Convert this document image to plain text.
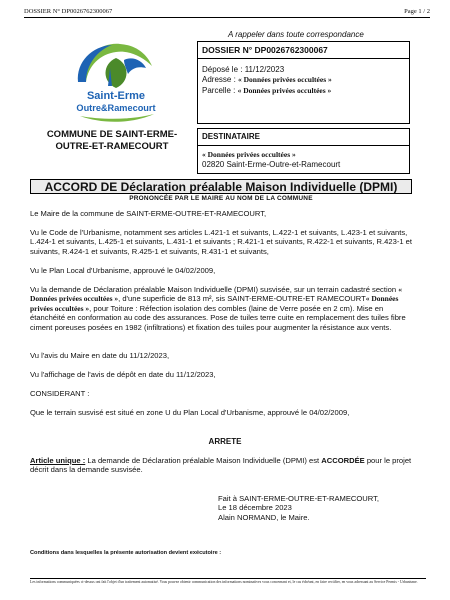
DOSSIER N° DP0026762300067	Page 1 / 2
A rappeler dans toute correspondance
Saint-Erme
Outre&Ramecourt
COMMUNE DE SAINT-ERME-
OUTRE-ET-RAMECOURT
DOSSIER N° DP0026762300067
Déposé le : 11/12/2023
Adresse : « Données privées occultées »
Parcelle : « Données privées occultées »
DESTINATAIRE
« Données privées occultées »
02820 Saint-Erme-Outre-et-Ramecourt
ACCORD DE Déclaration préalable Maison Individuelle (DPMI)
PRONONCÉE PAR LE MAIRE AU NOM DE LA COMMUNE
Le Maire de la commune de SAINT-ERME-OUTRE-ET-RAMECOURT,
Vu le Code de l'Urbanisme, notamment ses articles L.421-1 et suivants, L.422-1 et suivants, L.423-1 et suivants, L.424-1 et suivants, L.425-1 et suivants, L.431-1 et suivants ; R.421-1 et suivants, R.422-1 et suivants, R.423-1 et suivants, R.424-1 et suivants, R.425-1 et suivants, R.431-1 et suivants,
Vu le Plan Local d'Urbanisme, approuvé le 04/02/2009,
Vu la demande de Déclaration préalable Maison Individuelle (DPMI) susvisée, sur un terrain cadastré section « Données privées occultées », d'une superficie de 813 m², sis SAINT-ERME-OUTRE-ET RAMECOURT« Données privées occultées », pour Toiture : Réfection isolation des combles (laine de Verre posée en 2 cm). Mise en étanchéité en conformation au code des assurances. Pose de tuiles terre cuite en remplacement des tuiles fibre ciment poreuses posées en 1982 (infiltrations) et fixation des tuiles pour augmenter la résistance aux vents.
Vu l'avis du Maire en date du 11/12/2023,
Vu l'affichage de l'avis de dépôt en date du 11/12/2023,
CONSIDERANT :
Que le terrain susvisé est situé en zone U du Plan Local d'Urbanisme, approuvé le 04/02/2009,
ARRETE
Article unique : La demande de Déclaration préalable Maison Individuelle (DPMI) est ACCORDÉE pour le projet décrit dans la demande susvisée.
Fait à SAINT-ERME-OUTRE-ET-RAMECOURT,
Le 18 décembre 2023
Alain NORMAND, le Maire.
Conditions dans lesquelles la présente autorisation devient exécutoire :
Les informations communiquées ci-dessus ont fait l'objet d'un traitement automatisé. Vous pouvez obtenir communication des informations nominatives vous concernant et, le cas échéant, en faire rectifier, en vous adressant au Service Permis - Urbanisme.
